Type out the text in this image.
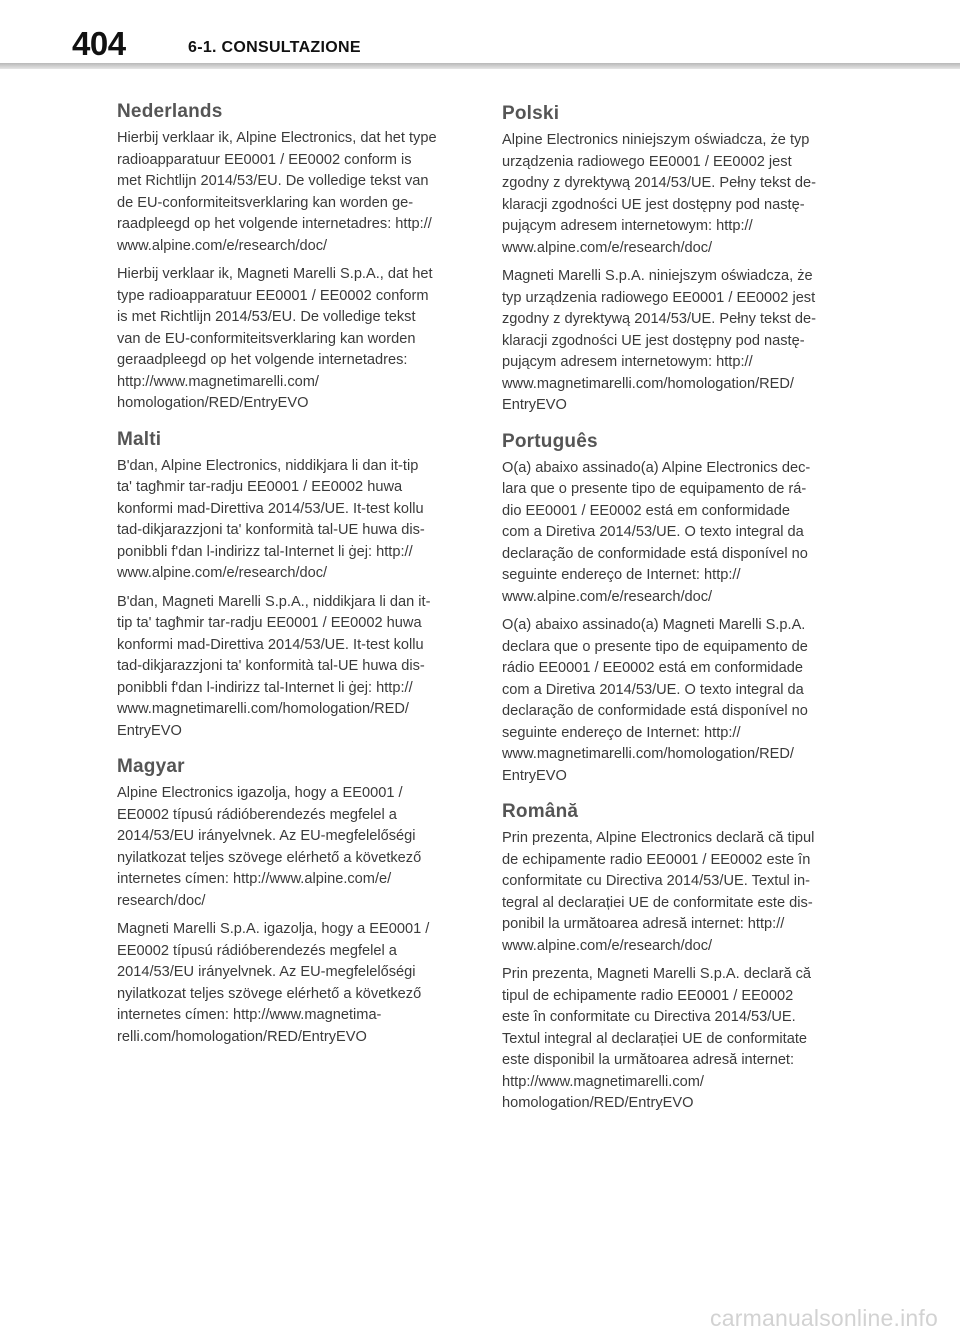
404	6-1. CONSULTAZIONE
Nederlands
Hierbij verklaar ik, Alpine Electronics, dat het type
radioapparatuur EE0001 / EE0002 conform is
met Richtlijn 2014/53/EU. De volledige tekst van
de EU-conformiteitsverklaring kan worden ge-
raadpleegd op het volgende internetadres: http://
www.alpine.com/e/research/doc/
Hierbij verklaar ik, Magneti Marelli S.p.A., dat het
type radioapparatuur EE0001 / EE0002 conform
is met Richtlijn 2014/53/EU. De volledige tekst
van de EU-conformiteitsverklaring kan worden
geraadpleegd op het volgende internetadres:
http://www.magnetimarelli.com/
homologation/RED/EntryEVO
Malti
B'dan, Alpine Electronics, niddikjara li dan it-tip
ta' tagħmir tar-radju EE0001 / EE0002 huwa
konformi mad-Direttiva 2014/53/UE. It-test kollu
tad-dikjarazzjoni ta' konformità tal-UE huwa dis-
ponibbli f'dan l-indirizz tal-Internet li ġej: http://
www.alpine.com/e/research/doc/
B'dan, Magneti Marelli S.p.A., niddikjara li dan it-
tip ta' tagħmir tar-radju EE0001 / EE0002 huwa
konformi mad-Direttiva 2014/53/UE. It-test kollu
tad-dikjarazzjoni ta' konformità tal-UE huwa dis-
ponibbli f'dan l-indirizz tal-Internet li ġej: http://
www.magnetimarelli.com/homologation/RED/
EntryEVO
Magyar
Alpine Electronics igazolja, hogy a EE0001 /
EE0002 típusú rádióberendezés megfelel a
2014/53/EU irányelvnek. Az EU-megfelelőségi
nyilatkozat teljes szövege elérhető a következő
internetes címen: http://www.alpine.com/e/
research/doc/
Magneti Marelli S.p.A. igazolja, hogy a EE0001 /
EE0002 típusú rádióberendezés megfelel a
2014/53/EU irányelvnek. Az EU-megfelelőségi
nyilatkozat teljes szövege elérhető a következő
internetes címen: http://www.magnetima-
relli.com/homologation/RED/EntryEVO
Polski
Alpine Electronics niniejszym oświadcza, że typ
urządzenia radiowego EE0001 / EE0002 jest
zgodny z dyrektywą 2014/53/UE. Pełny tekst de-
klaracji zgodności UE jest dostępny pod nastę-
pującym adresem internetowym: http://
www.alpine.com/e/research/doc/
Magneti Marelli S.p.A. niniejszym oświadcza, że
typ urządzenia radiowego EE0001 / EE0002 jest
zgodny z dyrektywą 2014/53/UE. Pełny tekst de-
klaracji zgodności UE jest dostępny pod nastę-
pującym adresem internetowym: http://
www.magnetimarelli.com/homologation/RED/
EntryEVO
Português
O(a) abaixo assinado(a) Alpine Electronics dec-
lara que o presente tipo de equipamento de rá-
dio EE0001 / EE0002 está em conformidade
com a Diretiva 2014/53/UE. O texto integral da
declaração de conformidade está disponível no
seguinte endereço de Internet: http://
www.alpine.com/e/research/doc/
O(a) abaixo assinado(a) Magneti Marelli S.p.A.
declara que o presente tipo de equipamento de
rádio EE0001 / EE0002 está em conformidade
com a Diretiva 2014/53/UE. O texto integral da
declaração de conformidade está disponível no
seguinte endereço de Internet: http://
www.magnetimarelli.com/homologation/RED/
EntryEVO
Română
Prin prezenta, Alpine Electronics declară că tipul
de echipamente radio EE0001 / EE0002 este în
conformitate cu Directiva 2014/53/UE. Textul in-
tegral al declarației UE de conformitate este dis-
ponibil la următoarea adresă internet: http://
www.alpine.com/e/research/doc/
Prin prezenta, Magneti Marelli S.p.A. declară că
tipul de echipamente radio EE0001 / EE0002
este în conformitate cu Directiva 2014/53/UE.
Textul integral al declarației UE de conformitate
este disponibil la următoarea adresă internet:
http://www.magnetimarelli.com/
homologation/RED/EntryEVO
carmanualsonline.info
